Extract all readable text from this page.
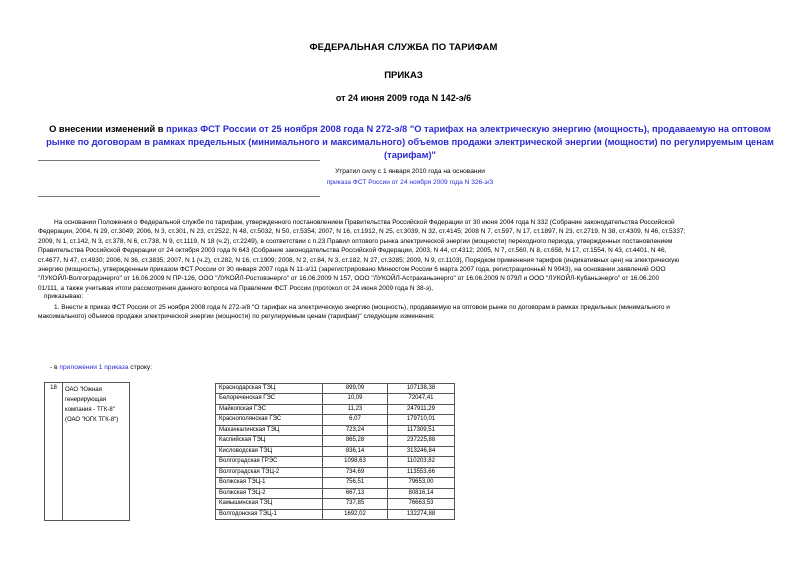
ФЕДЕРАЛЬНАЯ СЛУЖБА ПО ТАРИФАМ
ПРИКАЗ
от 24 июня 2009 года N 142-э/6
О внесении изменений в приказ ФСТ России от 25 ноября 2008 года N 272-э/8 "О тарифах на электрическую энергию (мощность), продаваемую на оптовом рынке по договорам в рамках предельных (минимального и максимального) объемов продажи электрической энергии (мощности) по регулируемым ценам (тарифам)"
Утратил силу с 1 января 2010 года на основании
приказа ФСТ России от 24 ноября 2009 года N 326-э/3
На основании Положения о Федеральной службе по тарифам, утвержденного постановлением Правительства Российской Федерации от 30 июня 2004 года N 332 (Собрание законодательства Российской
Федерации, 2004, N 29, ст.3049; 2006, N 3, ст.301, N 23, ст.2522, N 48, ст.5032, N 50, ст.5354; 2007, N 16, ст.1912, N 25, ст.3039, N 32, ст.4145; 2008 N 7, ст.597, N 17, ст.1897, N 23, ст.2719, N 38, ст.4309, N 46, ст.5337;
2009, N 1, ст.142, N 3, ст.378, N 6, ст.738, N 9, ст.1119, N 18 (ч.2), ст.2249), в соответствии с п.23 Правил оптового рынка электрической энергии (мощности) переходного периода, утвержденных постановлением
Правительства Российской Федерации от 24 октября 2003 года N 643 (Собрание законодательства Российской Федерации, 2003, N 44, ст.4312; 2005, N 7, ст.560, N 8, ст.658, N 17, ст.1554, N 43, ст.4401, N 46,
ст.4677, N 47, ст.4930; 2006, N 36, ст.3835; 2007, N 1 (ч.2), ст.282, N 16, ст.1909; 2008, N 2, ст.84, N 3, ст.182, N 27, ст.3285; 2009, N 9, ст.1103), Порядком применения тарифов (индикативных цен) на электрическую
энергию (мощность), утвержденным приказом ФСТ России от 30 января 2007 года N 11-э/11 (зарегистрировано Минюстом России 6 марта 2007 года, регистрационный N 9043), на основании заявлений ООО
"ЛУКОЙЛ-Волгоградэнерго" от 16.06.2009 N ПР-126, ООО "ЛУКОЙЛ-Ростовэнерго" от 16.06.2009 N 157, ООО "ЛУКОЙЛ-Астраханьэнерго" от 16.06.2009 N 079Л и ООО "ЛУКОЙЛ-Кубаньэнерго" от 16.06.200
01/111, а также учитывая итоги рассмотрения данного вопроса на Правлении ФСТ России (протокол от 24 июня 2009 года N 38-э),
приказываю:
1. Внести в приказ ФСТ России от 25 ноября 2008 года N 272-э/8 "О тарифах на электрическую энергию (мощность), продаваемую на оптовом рынке по договорам в рамках предельных (минимального и
максимального) объемов продажи электрической энергии (мощности) по регулируемым ценам (тарифам)" следующие изменения:
- в приложении 1 приказа строку:
18	ОАО "Южная
генерирующая
компания - ТГК-8"
(ОАО "ЮГК ТГК-8")

Краснодарская ТЭЦ	899,09	107138,38
Белореченская ГЭС	10,09	72047,41
Майкопская ГЭС	11,23	247911,29
Краснополянская ГЭС	6,07	179710,01
Махачкалинская ТЭЦ	723,24	117309,51
Каспийская ТЭЦ	865,28	237225,88
Кисловодская ТЭЦ	836,14	313246,84
Волгоградская ГРЭС	1098,63	110203,82
Волгоградская ТЭЦ-2	734,69	113553,66
Волжская ТЭЦ-1	756,51	79653,00
Волжская ТЭЦ-2	667,13	80816,14
Камышинская ТЭЦ	737,85	76663,53
Волгодонская ТЭЦ-1	1692,02	132274,88
